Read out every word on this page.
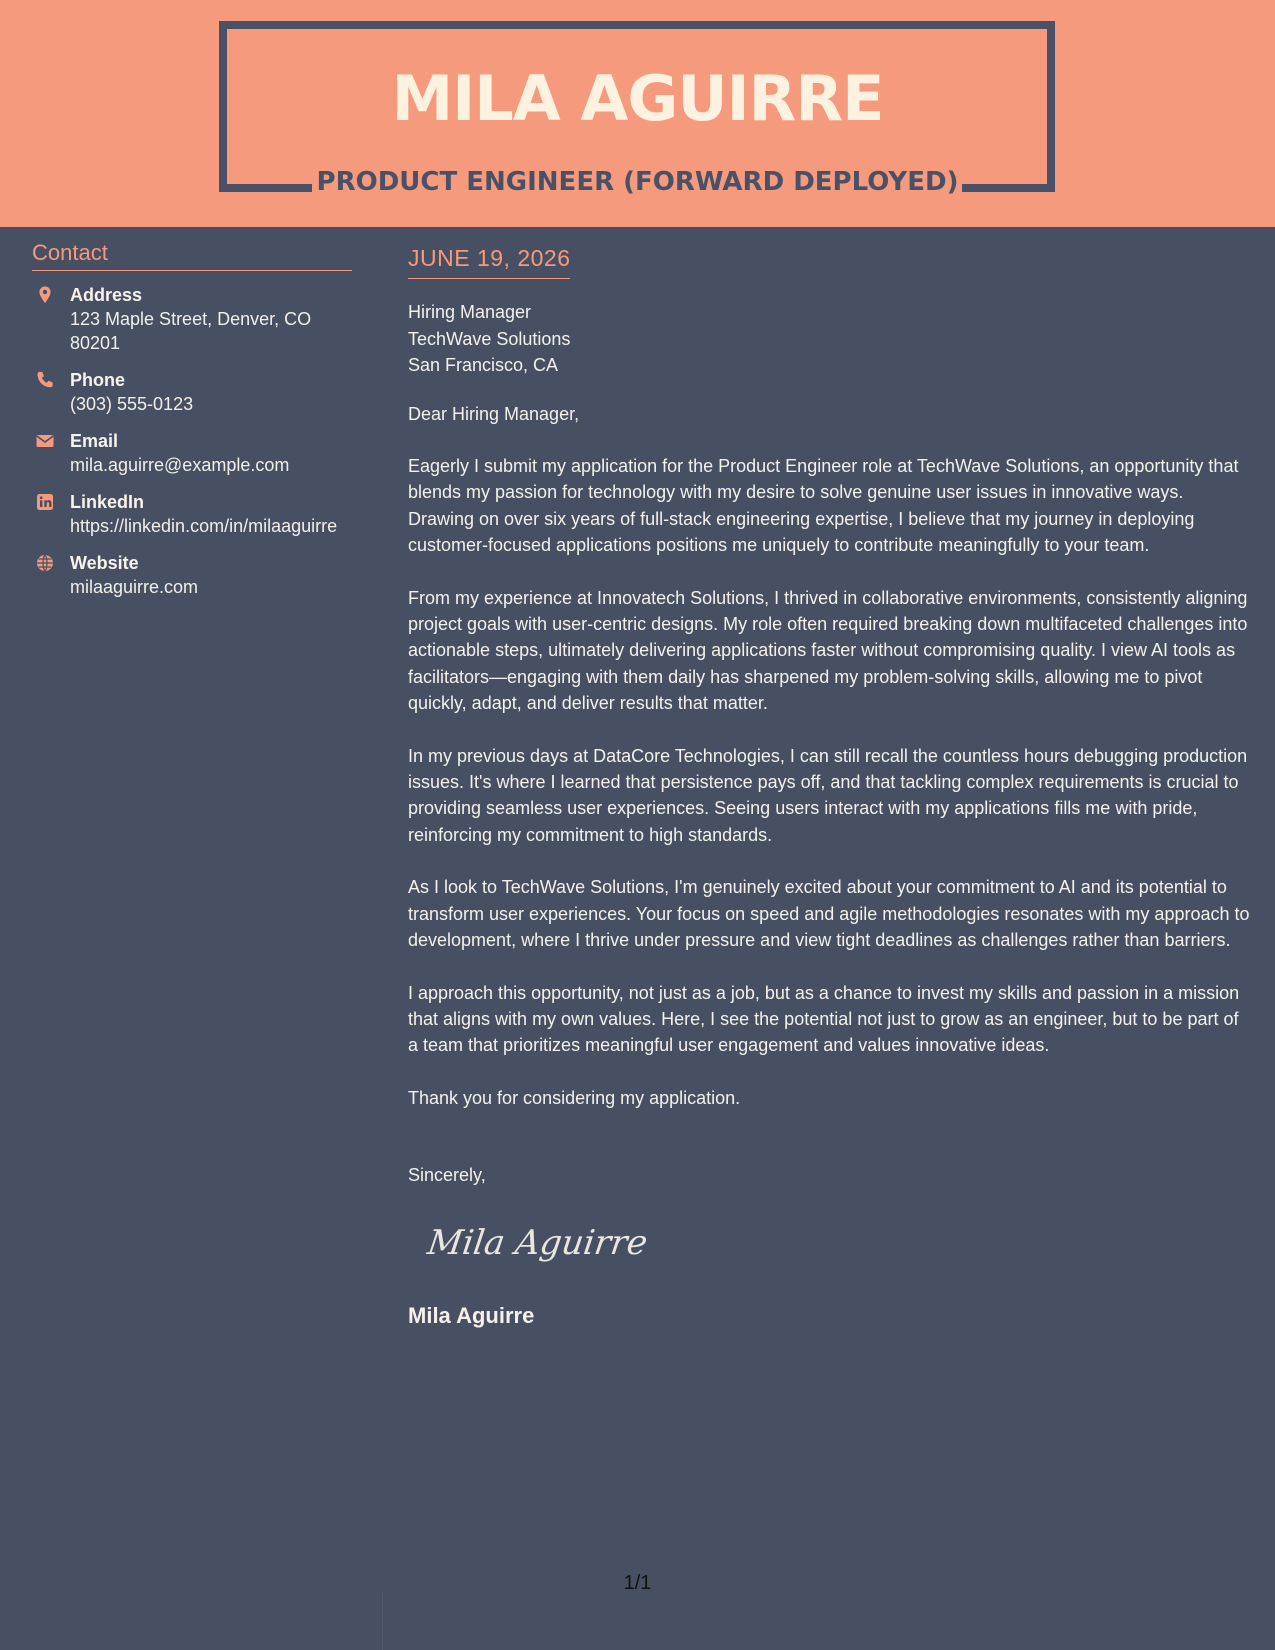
MILA AGUIRRE
PRODUCT ENGINEER (FORWARD DEPLOYED)
Contact
Address
123 Maple Street, Denver, CO 80201
Phone
(303) 555-0123
Email
mila.aguirre@example.com
LinkedIn
https://linkedin.com/in/milaaguirre
Website
milaaguirre.com
JUNE 19, 2026
Hiring Manager
TechWave Solutions
San Francisco, CA
Dear Hiring Manager,
Eagerly I submit my application for the Product Engineer role at TechWave Solutions, an opportunity that blends my passion for technology with my desire to solve genuine user issues in innovative ways. Drawing on over six years of full-stack engineering expertise, I believe that my journey in deploying customer-focused applications positions me uniquely to contribute meaningfully to your team.
From my experience at Innovatech Solutions, I thrived in collaborative environments, consistently aligning project goals with user-centric designs. My role often required breaking down multifaceted challenges into actionable steps, ultimately delivering applications faster without compromising quality. I view AI tools as facilitators—engaging with them daily has sharpened my problem-solving skills, allowing me to pivot quickly, adapt, and deliver results that matter.
In my previous days at DataCore Technologies, I can still recall the countless hours debugging production issues. It's where I learned that persistence pays off, and that tackling complex requirements is crucial to providing seamless user experiences. Seeing users interact with my applications fills me with pride, reinforcing my commitment to high standards.
As I look to TechWave Solutions, I'm genuinely excited about your commitment to AI and its potential to transform user experiences. Your focus on speed and agile methodologies resonates with my approach to development, where I thrive under pressure and view tight deadlines as challenges rather than barriers.
I approach this opportunity, not just as a job, but as a chance to invest my skills and passion in a mission that aligns with my own values. Here, I see the potential not just to grow as an engineer, but to be part of a team that prioritizes meaningful user engagement and values innovative ideas.
Thank you for considering my application.
Sincerely,
Mila Aguirre
Mila Aguirre
1/1
